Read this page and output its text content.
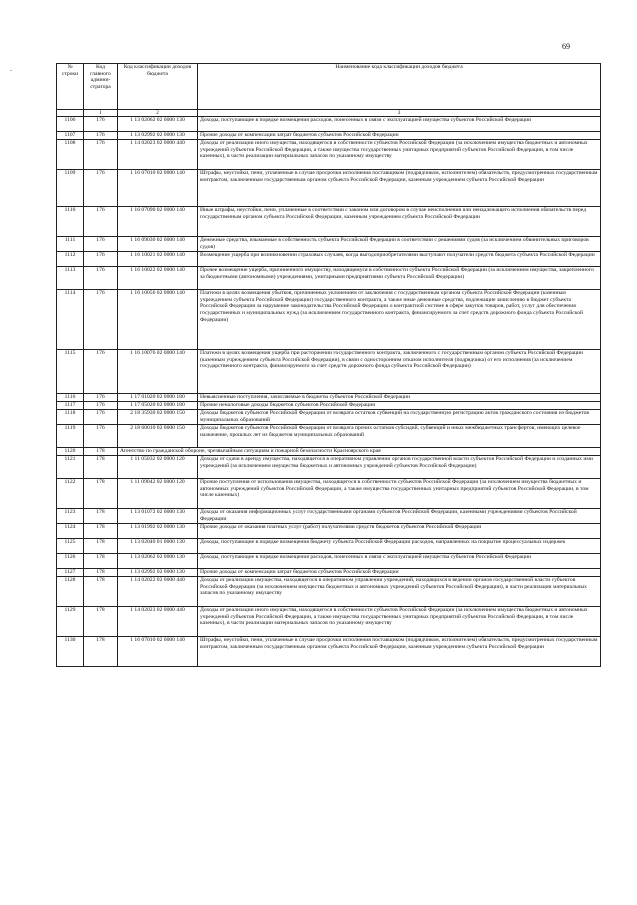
69
-	№ строки	Код главного админи-стратора	Код классификации доходов бюджета	Наименование кода классификации доходов бюджета
	1	2	3
1106	176	1 13 02062 02 0000 130	Доходы, поступающие в порядке возмещения расходов, понесенных в связи с эксплуатацией имущества субъектов Российской Федерации
1107	176	1 13 02992 02 0000 130	Прочие доходы от компенсации затрат бюджетов субъектов Российской Федерации
1108	176	1 14 02023 02 0000 440	Доходы от реализации иного имущества, находящегося в собственности субъектов Российской Федерации (за исключением имущества бюджетных и автономных учреждений субъектов Российской Федерации, а также имущества государственных унитарных предприятий субъектов Российской Федерации, в том числе казенных), в части реализации материальных запасов по указанному имуществу
1109	176	1 16 07010 02 0000 140	Штрафы, неустойки, пени, уплаченные в случае просрочки исполнения поставщиком (подрядчиком, исполнителем) обязательств, предусмотренных государственным контрактом, заключенным государственным органом субъекта Российской Федерации, казенным учреждением субъекта Российской Федерации
1110	176	1 16 07090 02 0000 140	Иные штрафы, неустойки, пени, уплаченные в соответствии с законом или договором в случае неисполнения или ненадлежащего исполнения обязательств перед государственным органом субъекта Российской Федерации, казенным учреждением субъекта Российской Федерации
1111	176	1 16 09030 02 0000 140	Денежные средства, изымаемые в собственность субъекта Российской Федерации в соответствии с решениями судов (за исключением обвинительных приговоров судов)
1112	176	1 16 10021 02 0000 140	Возмещение ущерба при возникновении страховых случаев, когда выгодоприобретателями выступают получатели средств бюджета субъекта Российской Федерации
1113	176	1 16 10022 02 0000 140	Прочее возмещение ущерба, причиненного имуществу, находящемуся в собственности субъекта Российской Федерации (за исключением имущества, закрепленного за бюджетными (автономными) учреждениями, унитарными предприятиями субъекта Российской Федерации)
1114	176	1 16 10056 02 0000 140	Платежи в целях возмещения убытков, причиненных уклонением от заключения с государственным органом субъекта Российской Федерации (казенным учреждением субъекта Российской Федерации) государственного контракта, а также иные денежные средства, подлежащие зачислению в бюджет субъекта Российской Федерации за нарушение законодательства Российской Федерации о контрактной системе в сфере закупок товаров, работ, услуг для обеспечения государственных и муниципальных нужд (за исключением государственного контракта, финансируемого за счет средств дорожного фонда субъекта Российской Федерации)
1115	176	1 16 10076 02 0000 140	Платежи в целях возмещения ущерба при расторжении государственного контракта, заключенного с государственным органом субъекта Российской Федерации (казенным учреждением субъекта Российской Федерации), в связи с односторонним отказом исполнителя (подрядчика) от его исполнения (за исключением государственного контракта, финансируемого за счет средств дорожного фонда субъекта Российской Федерации)
1116	176	1 17 01020 02 0000 180	Невыясненные поступления, зачисляемые в бюджеты субъектов Российской Федерации
1117	176	1 17 05020 02 0000 180	Прочие неналоговые доходы бюджетов субъектов Российской Федерации
1118	176	2 18 35930 02 0000 150	Доходы бюджетов субъектов Российской Федерации от возврата остатков субвенций на государственную регистрацию актов гражданского состояния из бюджетов муниципальных образований
1119	176	2 18 60010 02 0000 150	Доходы бюджетов субъектов Российской Федерации от возврата прочих остатков субсидий, субвенций и иных межбюджетных трансфертов, имеющих целевое назначение, прошлых лет из бюджетов муниципальных образований
1120	178	Агентство по гражданской обороне, чрезвычайным ситуациям и пожарной безопасности Красноярского края	
1121	178	1 11 05032 02 0000 120	Доходы от сдачи в аренду имущества, находящегося в оперативном управлении органов государственной власти субъектов Российской Федерации и созданных ими учреждений (за исключением имущества бюджетных и автономных учреждений субъектов Российской Федерации)
1122	178	1 11 09042 02 0000 120	Прочие поступления от использования имущества, находящегося в собственности субъектов Российской Федерации (за исключением имущества бюджетных и автономных учреждений субъектов Российской Федерации, а также имущества государственных унитарных предприятий субъектов Российской Федерации, в том числе казенных)
1123	178	1 13 01072 02 0000 130	Доходы от оказания информационных услуг государственными органами субъектов Российской Федерации, казенными учреждениями субъектов Российской Федерации
1124	178	1 13 01992 02 0000 130	Прочие доходы от оказания платных услуг (работ) получателями средств бюджетов субъектов Российской Федерации
1125	178	1 13 02040 01 0000 130	Доходы, поступающие в порядке возмещения бюджету субъекта Российской Федерации расходов, направленных на покрытие процессуальных издержек
1126	178	1 13 02062 02 0000 130	Доходы, поступающие в порядке возмещения расходов, понесенных в связи с эксплуатацией имущества субъектов Российской Федерации
1127	178	1 13 02992 02 0000 130	Прочие доходы от компенсации затрат бюджетов субъектов Российской Федерации
1128	178	1 14 02022 02 0000 440	Доходы от реализации имущества, находящегося в оперативном управлении учреждений, находящихся в ведении органов государственной власти субъектов Российской Федерации (за исключением имущества бюджетных и автономных учреждений субъектов Российской Федерации), в части реализации материальных запасов по указанному имуществу
1129	178	1 14 02023 02 0000 440	Доходы от реализации иного имущества, находящегося в собственности субъектов Российской Федерации (за исключением имущества бюджетных и автономных учреждений субъектов Российской Федерации, а также имущества государственных унитарных предприятий субъектов Российской Федерации, в том числе казенных), в части реализации материальных запасов по указанному имуществу
1130	178	1 16 07010 02 0000 140	Штрафы, неустойки, пени, уплаченные в случае просрочки исполнения поставщиком (подрядчиком, исполнителем) обязательств, предусмотренных государственным контрактом, заключенным государственным органом субъекта Российской Федерации, казенным учреждением субъекта Российской Федерации
